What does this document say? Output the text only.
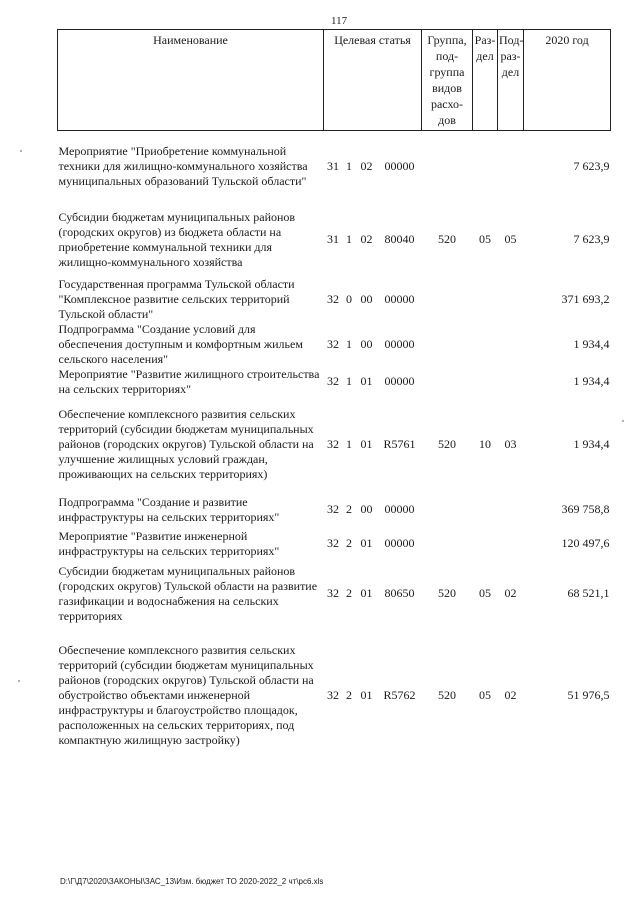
117
Наименование	Целевая статья				Группа, под-группа видов расхо-дов	Раз-дел	Под-раз-дел	2020 год
Мероприятие "Приобретение коммунальной техники для жилищно-коммунального хозяйства муниципальных образований Тульской области"	31	1	02	00000				7 623,9
Субсидии бюджетам муниципальных районов (городских округов) из бюджета области на приобретение коммунальной техники для жилищно-коммунального хозяйства	31	1	02	80040	520	05	05	7 623,9
Государственная программа Тульской области "Комплексное развитие сельских территорий Тульской области"	32	0	00	00000				371 693,2
Подпрограмма "Создание условий для обеспечения доступным и комфортным жильем сельского населения"	32	1	00	00000				1 934,4
Мероприятие "Развитие жилищного строительства на сельских территориях"	32	1	01	00000				1 934,4
Обеспечение комплексного развития сельских территорий (субсидии бюджетам муниципальных районов (городских округов) Тульской области на улучшение жилищных условий граждан, проживающих на сельских территориях)	32	1	01	R5761	520	10	03	1 934,4
Подпрограмма "Создание и развитие инфраструктуры на сельских территориях"	32	2	00	00000				369 758,8
Мероприятие "Развитие инженерной инфраструктуры на сельских территориях"	32	2	01	00000				120 497,6
Субсидии бюджетам муниципальных районов (городских округов) Тульской области на развитие газификации и водоснабжения на сельских территориях	32	2	01	80650	520	05	02	68 521,1
Обеспечение комплексного развития сельских территорий (субсидии бюджетам муниципальных районов (городских округов) Тульской области на обустройство объектами инженерной инфраструктуры и благоустройство площадок, расположенных на сельских территориях, под компактную жилищную застройку)	32	2	01	R5762	520	05	02	51 976,5
D:\Г\Д7\2020\ЗАКОНЫ\ЗАС_13\Изм. бюджет ТО 2020-2022_2 чт\рс6.xls
